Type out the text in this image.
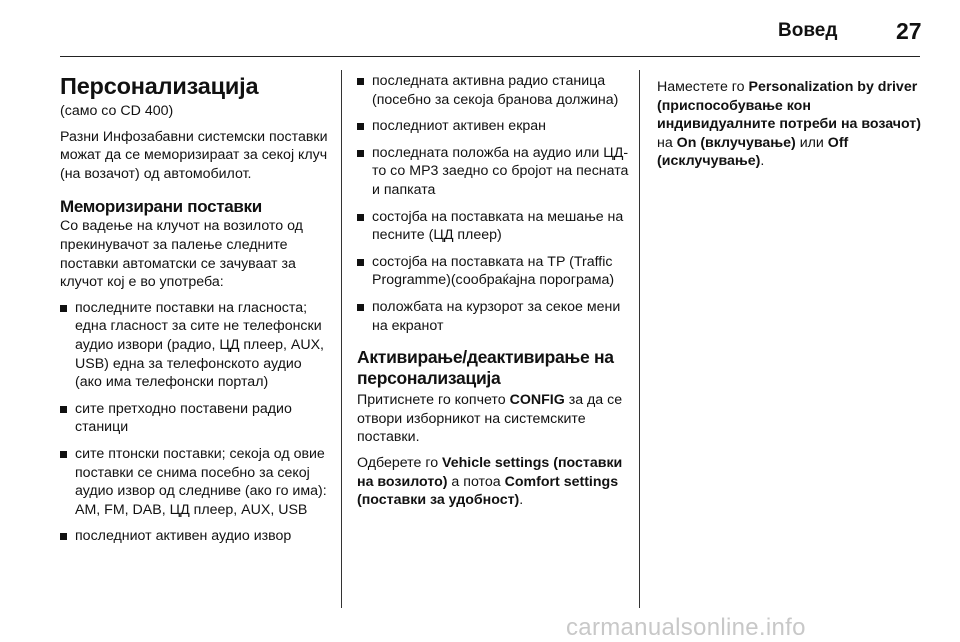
Вовед	27
Персонализација

(само со CD 400)

Разни Инфозабавни системски поставки можат да се меморизираат за секој клуч (на возачот) од автомобилот.

Меморизирани поставки

Со вадење на клучот на возилото од прекинувачот за палење следните поставки автоматски се зачуваат за клучот кој е во употреба:

последните поставки на гласноста; една гласност за сите не телефонски аудио извори (радио, ЦД плеер, AUX, USB) една за телефонското аудио (ако има телефонски портал)
сите претходно поставени радио станици
сите птонски поставки; секоја од овие поставки се снима посебно за секој аудио извор од следниве (ако го има): AM, FM, DAB, ЦД плеер, AUX, USB
последниот активен аудио извор
последната активна радио станица (посебно за секоја бранова должина)
последниот активен екран
последната положба на аудио или ЦД-то со MP3 заедно со бројот на песната и папката
состојба на поставката на мешање на песните (ЦД плеер)
состојба на поставката на TP (Traffic Programme)(сообраќајна порограма)
положбата на курзорот за секое мени на екранот
Активирање/деактивирање на персонализација

Притиснете го копчето CONFIG за да се отвори изборникот на системските поставки.

Одберете го Vehicle settings (поставки на возилото) а потоа Comfort settings (поставки за удобност).

Наместете го Personalization by driver (приспособување кон индивидуалните потреби на возачот) на On (вклучување) или Off (исклучување).

carmanualsonline.info
